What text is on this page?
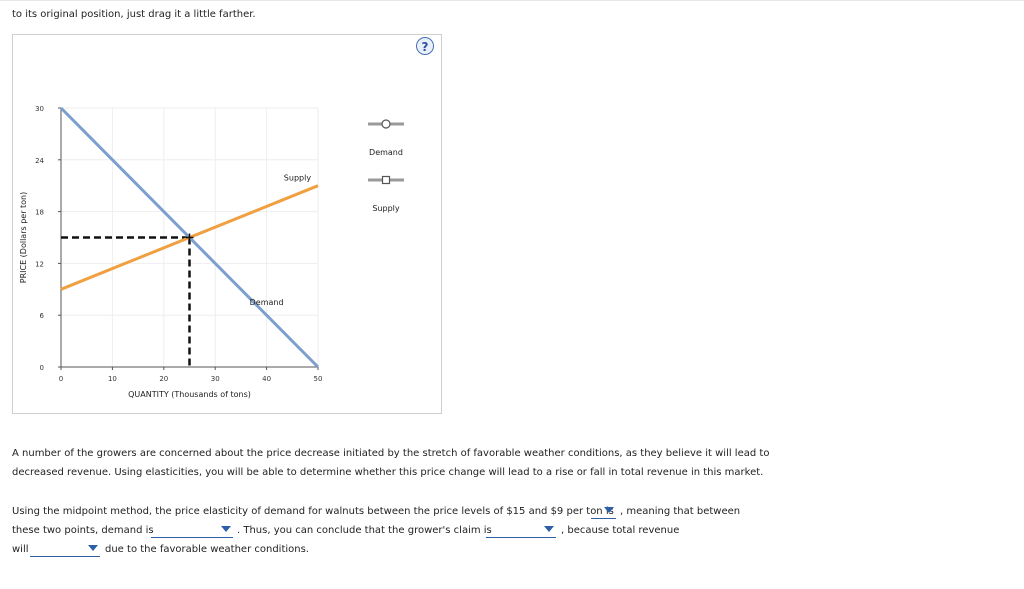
to its original position, just drag it a little farther.
?
0
6
12
18
24
30
0	10	20	30	40	50
QUANTITY (Thousands of tons)
PRICE (Dollars per ton)
Supply
Demand
Demand
Supply
A number of the growers are concerned about the price decrease initiated by the stretch of favorable weather conditions, as they believe it will lead to
decreased revenue. Using elasticities, you will be able to determine whether this price change will lead to a rise or fall in total revenue in this market.
Using the midpoint method, the price elasticity of demand for walnuts between the price levels of $15 and $9 per ton is , meaning that between
these two points, demand is	. Thus, you can conclude that the grower's claim is	, because total revenue
will	due to the favorable weather conditions.
